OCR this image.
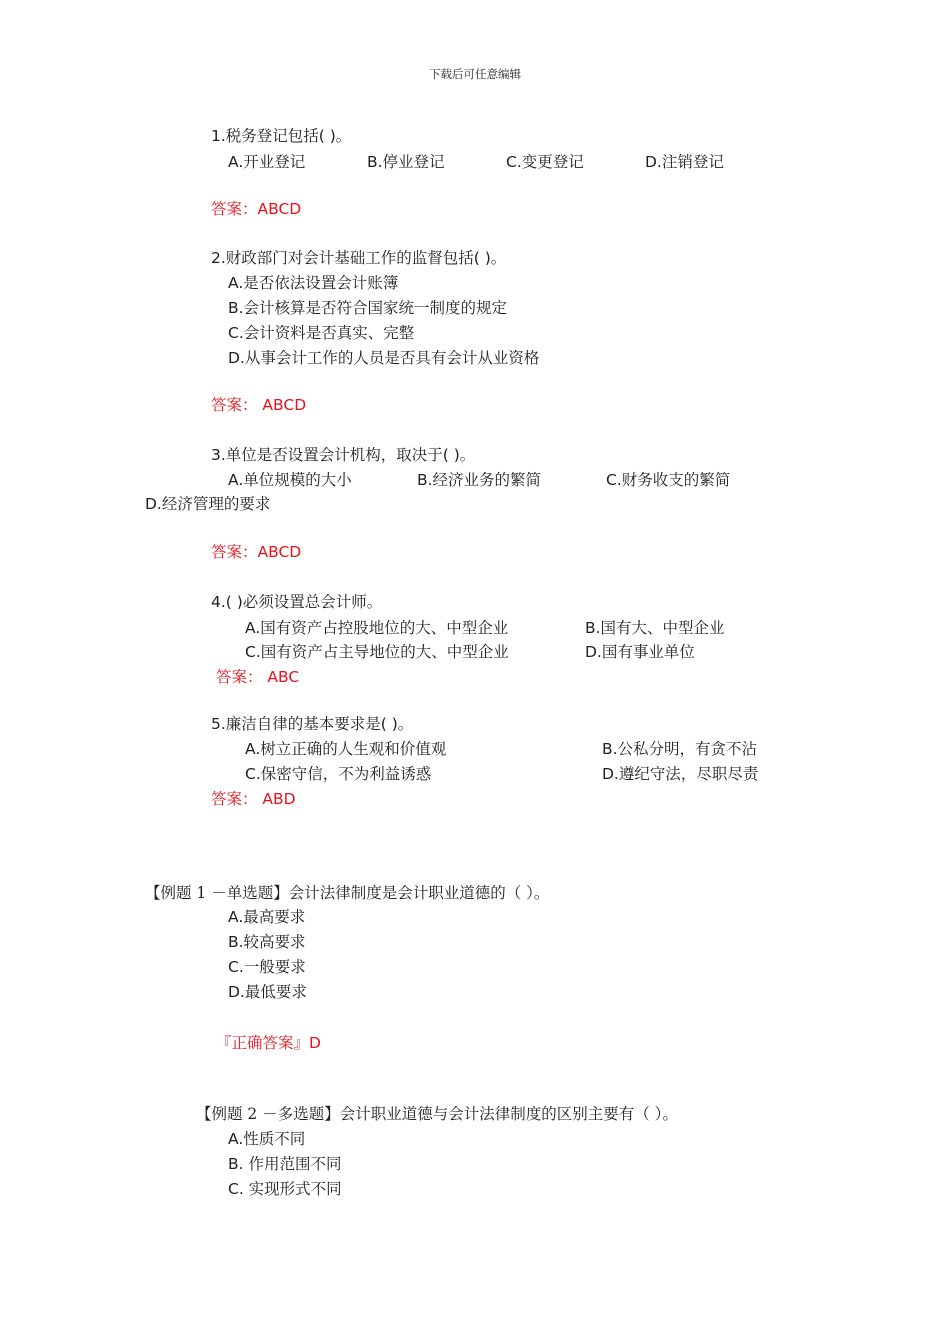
下载后可任意编辑
1.税务登记包括( )。
A.开业登记	B.停业登记	C.变更登记	D.注销登记
答案：ABCD
2.财政部门对会计基础工作的监督包括( )。
A.是否依法设置会计账簿
B.会计核算是否符合国家统一制度的规定
C.会计资料是否真实、完整
D.从事会计工作的人员是否具有会计从业资格
答案： ABCD
3.单位是否设置会计机构，取决于( )。
A.单位规模的大小	B.经济业务的繁简	C.财务收支的繁简
D.经济管理的要求
答案：ABCD
4.( )必须设置总会计师。
A.国有资产占控股地位的大、中型企业	B.国有大、中型企业
C.国有资产占主导地位的大、中型企业	D.国有事业单位
答案： ABC
5.廉洁自律的基本要求是( )。
A.树立正确的人生观和价值观	B.公私分明，有贪不沾
C.保密守信，不为利益诱惑	D.遵纪守法，尽职尽责
答案： ABD
【例题 1 －单选题】会计法律制度是会计职业道德的（ ）。
A.最高要求
B.较高要求
C.一般要求
D.最低要求
『正确答案』D
【例题 2 －多选题】会计职业道德与会计法律制度的区别主要有（ ）。
A.性质不同
B. 作用范围不同
C. 实现形式不同
